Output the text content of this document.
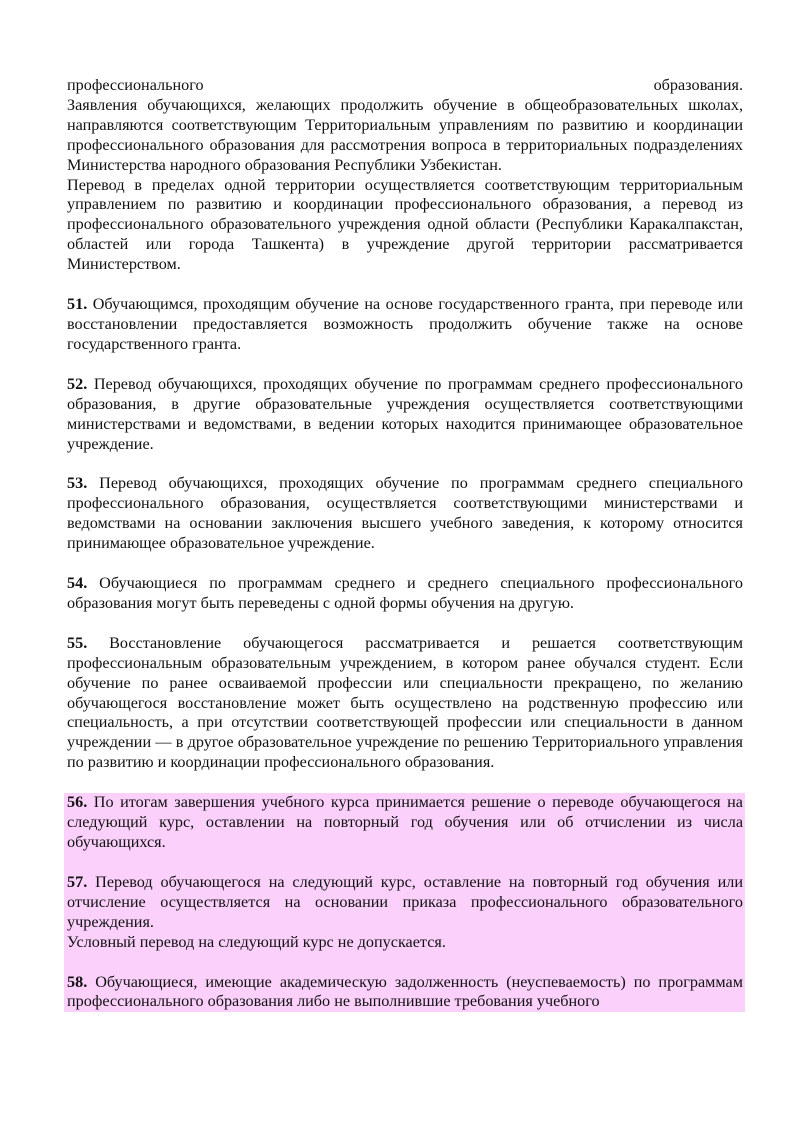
профессионального	образования.

Заявления обучающихся, желающих продолжить обучение в общеобразовательных школах, направляются соответствующим Территориальным управлениям по развитию и координации профессионального образования для рассмотрения вопроса в территориальных подразделениях Министерства народного образования Республики Узбекистан.

Перевод в пределах одной территории осуществляется соответствующим территориальным управлением по развитию и координации профессионального образования, а перевод из профессионального образовательного учреждения одной области (Республики Каракалпакстан, областей или города Ташкента) в учреждение другой территории рассматривается Министерством.

51. Обучающимся, проходящим обучение на основе государственного гранта, при переводе или восстановлении предоставляется возможность продолжить обучение также на основе государственного гранта.

52. Перевод обучающихся, проходящих обучение по программам среднего профессионального образования, в другие образовательные учреждения осуществляется соответствующими министерствами и ведомствами, в ведении которых находится принимающее образовательное учреждение.

53. Перевод обучающихся, проходящих обучение по программам среднего специального профессионального образования, осуществляется соответствующими министерствами и ведомствами на основании заключения высшего учебного заведения, к которому относится принимающее образовательное учреждение.

54. Обучающиеся по программам среднего и среднего специального профессионального образования могут быть переведены с одной формы обучения на другую.

55. Восстановление обучающегося рассматривается и решается соответствующим профессиональным образовательным учреждением, в котором ранее обучался студент. Если обучение по ранее осваиваемой профессии или специальности прекращено, по желанию обучающегося восстановление может быть осуществлено на родственную профессию или специальность, а при отсутствии соответствующей профессии или специальности в данном учреждении — в другое образовательное учреждение по решению Территориального управления по развитию и координации профессионального образования.

56. По итогам завершения учебного курса принимается решение о переводе обучающегося на следующий курс, оставлении на повторный год обучения или об отчислении из числа обучающихся.

57. Перевод обучающегося на следующий курс, оставление на повторный год обучения или отчисление осуществляется на основании приказа профессионального образовательного учреждения.

Условный перевод на следующий курс не допускается.

58. Обучающиеся, имеющие академическую задолженность (неуспеваемость) по программам профессионального образования либо не выполнившие требования учебного
